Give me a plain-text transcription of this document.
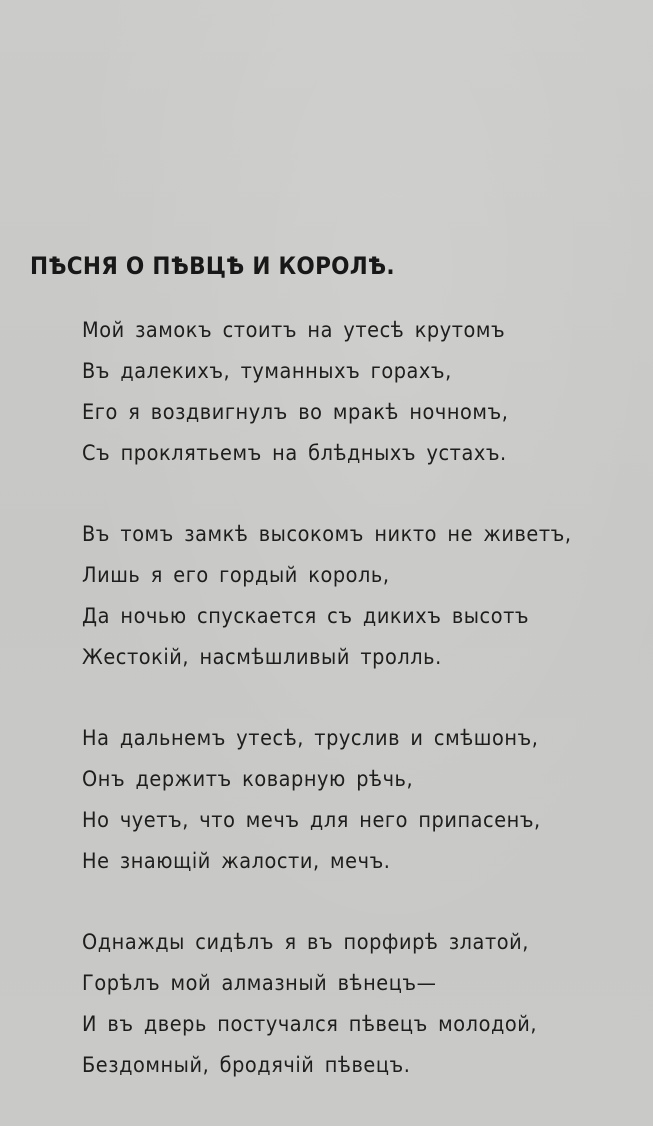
ПѢСНЯ О ПѢВЦѢ И КОРОЛѢ.
Мой замокъ стоитъ на утесѣ крутомъ
Въ далекихъ, туманныхъ горахъ,
Его я воздвигнулъ во мракѣ ночномъ,
Съ проклятьемъ на блѣдныхъ устахъ.
Въ томъ замкѣ высокомъ никто не живетъ,
Лишь я его гордый король,
Да ночью спускается съ дикихъ высотъ
Жестокій, насмѣшливый тролль.
На дальнемъ утесѣ, труслив и смѣшонъ,
Онъ держитъ коварную рѣчь,
Но чуетъ, что мечъ для него припасенъ,
Не знающій жалости, мечъ.
Однажды сидѣлъ я въ порфирѣ златой,
Горѣлъ мой алмазный вѣнецъ—
И въ дверь постучался пѣвецъ молодой,
Бездомный, бродячій пѣвецъ.
